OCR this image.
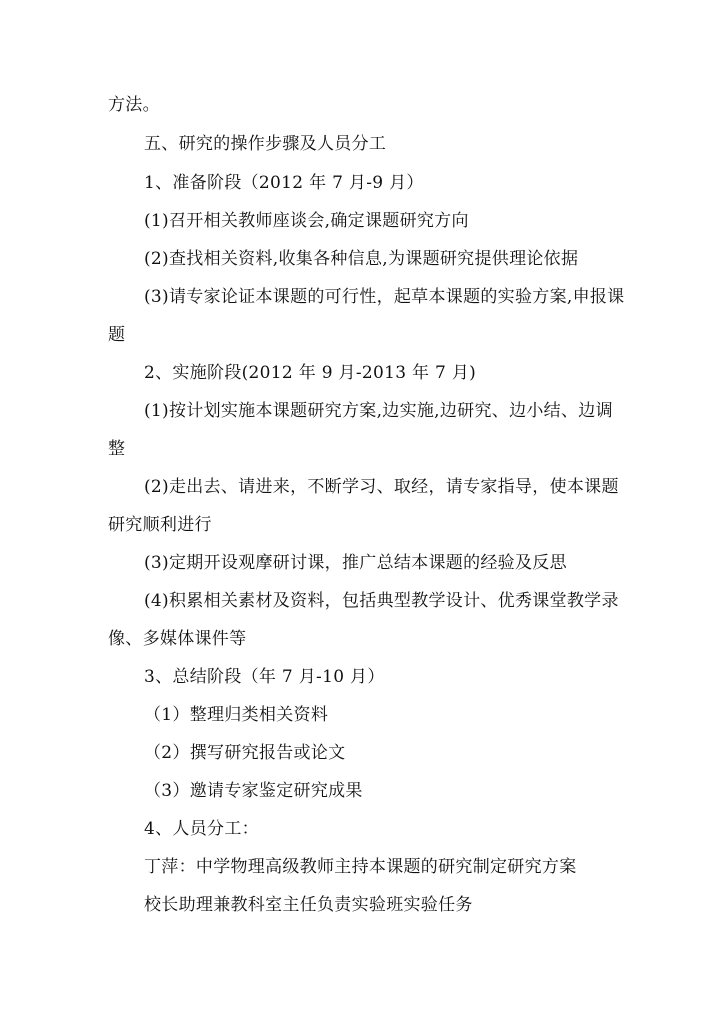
方法。
五、研究的操作步骤及人员分工
1、准备阶段（2012 年 7 月-9 月）
(1)召开相关教师座谈会,确定课题研究方向
(2)查找相关资料,收集各种信息,为课题研究提供理论依据
(3)请专家论证本课题的可行性，起草本课题的实验方案,申报课
题
2、实施阶段(2012 年 9 月-2013 年 7 月)
(1)按计划实施本课题研究方案,边实施,边研究、边小结、边调
整
(2)走出去、请进来，不断学习、取经，请专家指导，使本课题
研究顺利进行
(3)定期开设观摩研讨课，推广总结本课题的经验及反思
(4)积累相关素材及资料，包括典型教学设计、优秀课堂教学录
像、多媒体课件等
3、总结阶段（年 7 月-10 月）
（1）整理归类相关资料
（2）撰写研究报告或论文
（3）邀请专家鉴定研究成果
4、人员分工：
丁萍：中学物理高级教师主持本课题的研究制定研究方案
校长助理兼教科室主任负责实验班实验任务
